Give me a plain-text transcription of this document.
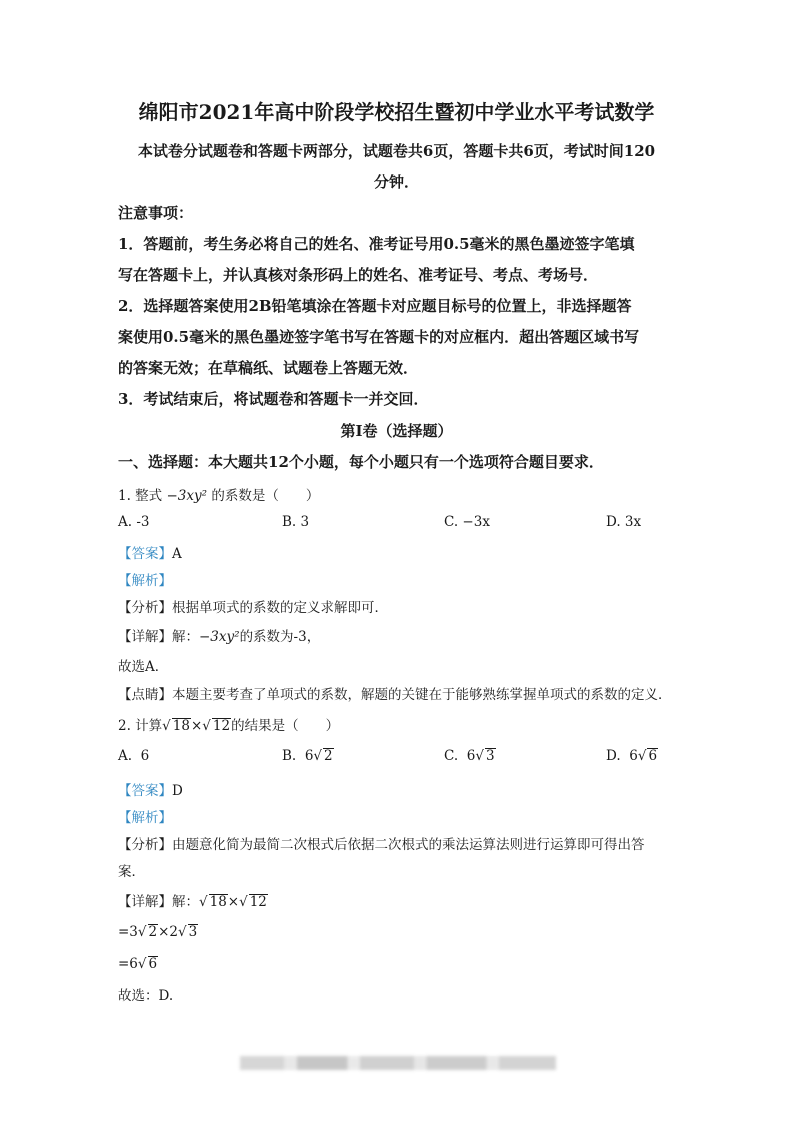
绵阳市2021年高中阶段学校招生暨初中学业水平考试数学
本试卷分试题卷和答题卡两部分，试题卷共6页，答题卡共6页，考试时间120
分钟．
注意事项：
1．答题前，考生务必将自己的姓名、准考证号用0.5毫米的黑色墨迹签字笔填
写在答题卡上，并认真核对条形码上的姓名、准考证号、考点、考场号．
2．选择题答案使用2B铅笔填涂在答题卡对应题目标号的位置上，非选择题答
案使用0.5毫米的黑色墨迹签字笔书写在答题卡的对应框内．超出答题区域书写
的答案无效；在草稿纸、试题卷上答题无效．
3．考试结束后，将试题卷和答题卡一并交回．
第Ⅰ卷（选择题）
一、选择题：本大题共12个小题，每个小题只有一个选项符合题目要求．
1. 整式 −3xy² 的系数是（　　）
A. -3	B. 3	C. −3x	D. 3x
【答案】A
【解析】
【分析】根据单项式的系数的定义求解即可．
【详解】解：−3xy²的系数为-3，
故选A．
【点睛】本题主要考查了单项式的系数，解题的关键在于能够熟练掌握单项式的系数的定义．
2. 计算√ 18×√ 12的结果是（　　）
A. 6	B. 6√ 2	C. 6√ 3	D. 6√ 6
【答案】D
【解析】
【分析】由题意化简为最简二次根式后依据二次根式的乘法运算法则进行运算即可得出答
案．
【详解】解：√ 18×√ 12
=3√ 2×2√ 3
=6√ 6
故选：D.
